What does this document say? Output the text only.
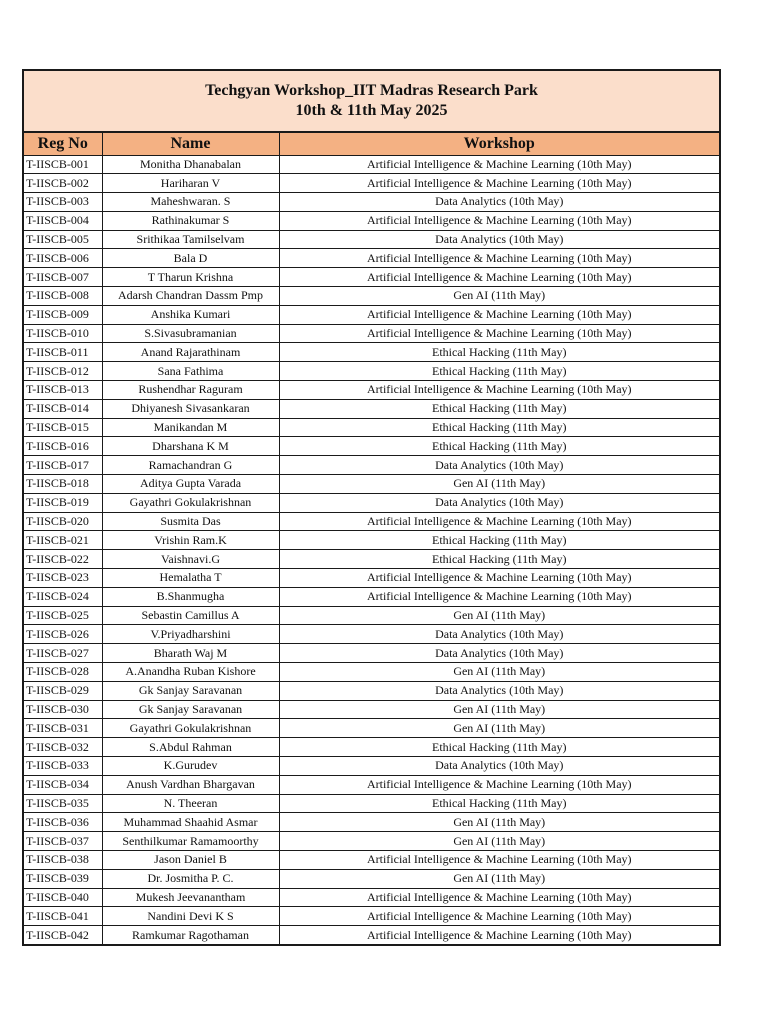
Techgyan Workshop_IIT Madras Research Park
10th & 11th May 2025
Reg No	Name	Workshop
T-IISCB-001	Monitha Dhanabalan	Artificial Intelligence & Machine Learning (10th May)
T-IISCB-002	Hariharan V	Artificial Intelligence & Machine Learning (10th May)
T-IISCB-003	Maheshwaran. S	Data Analytics (10th May)
T-IISCB-004	Rathinakumar S	Artificial Intelligence & Machine Learning (10th May)
T-IISCB-005	Srithikaa Tamilselvam	Data Analytics (10th May)
T-IISCB-006	Bala D	Artificial Intelligence & Machine Learning (10th May)
T-IISCB-007	T Tharun Krishna	Artificial Intelligence & Machine Learning (10th May)
T-IISCB-008	Adarsh Chandran Dassm Pmp	Gen AI (11th May)
T-IISCB-009	Anshika Kumari	Artificial Intelligence & Machine Learning (10th May)
T-IISCB-010	S.Sivasubramanian	Artificial Intelligence & Machine Learning (10th May)
T-IISCB-011	Anand Rajarathinam	Ethical Hacking (11th May)
T-IISCB-012	Sana Fathima	Ethical Hacking (11th May)
T-IISCB-013	Rushendhar Raguram	Artificial Intelligence & Machine Learning (10th May)
T-IISCB-014	Dhiyanesh Sivasankaran	Ethical Hacking (11th May)
T-IISCB-015	Manikandan M	Ethical Hacking (11th May)
T-IISCB-016	Dharshana K M	Ethical Hacking (11th May)
T-IISCB-017	Ramachandran G	Data Analytics (10th May)
T-IISCB-018	Aditya Gupta Varada	Gen AI (11th May)
T-IISCB-019	Gayathri Gokulakrishnan	Data Analytics (10th May)
T-IISCB-020	Susmita Das	Artificial Intelligence & Machine Learning (10th May)
T-IISCB-021	Vrishin Ram.K	Ethical Hacking (11th May)
T-IISCB-022	Vaishnavi.G	Ethical Hacking (11th May)
T-IISCB-023	Hemalatha T	Artificial Intelligence & Machine Learning (10th May)
T-IISCB-024	B.Shanmugha	Artificial Intelligence & Machine Learning (10th May)
T-IISCB-025	Sebastin Camillus A	Gen AI (11th May)
T-IISCB-026	V.Priyadharshini	Data Analytics (10th May)
T-IISCB-027	Bharath Waj M	Data Analytics (10th May)
T-IISCB-028	A.Anandha Ruban Kishore	Gen AI (11th May)
T-IISCB-029	Gk Sanjay Saravanan	Data Analytics (10th May)
T-IISCB-030	Gk Sanjay Saravanan	Gen AI (11th May)
T-IISCB-031	Gayathri Gokulakrishnan	Gen AI (11th May)
T-IISCB-032	S.Abdul Rahman	Ethical Hacking (11th May)
T-IISCB-033	K.Gurudev	Data Analytics (10th May)
T-IISCB-034	Anush Vardhan Bhargavan	Artificial Intelligence & Machine Learning (10th May)
T-IISCB-035	N. Theeran	Ethical Hacking (11th May)
T-IISCB-036	Muhammad Shaahid Asmar	Gen AI (11th May)
T-IISCB-037	Senthilkumar Ramamoorthy	Gen AI (11th May)
T-IISCB-038	Jason Daniel B	Artificial Intelligence & Machine Learning (10th May)
T-IISCB-039	Dr. Josmitha P. C.	Gen AI (11th May)
T-IISCB-040	Mukesh Jeevanantham	Artificial Intelligence & Machine Learning (10th May)
T-IISCB-041	Nandini Devi K S	Artificial Intelligence & Machine Learning (10th May)
T-IISCB-042	Ramkumar Ragothaman	Artificial Intelligence & Machine Learning (10th May)
